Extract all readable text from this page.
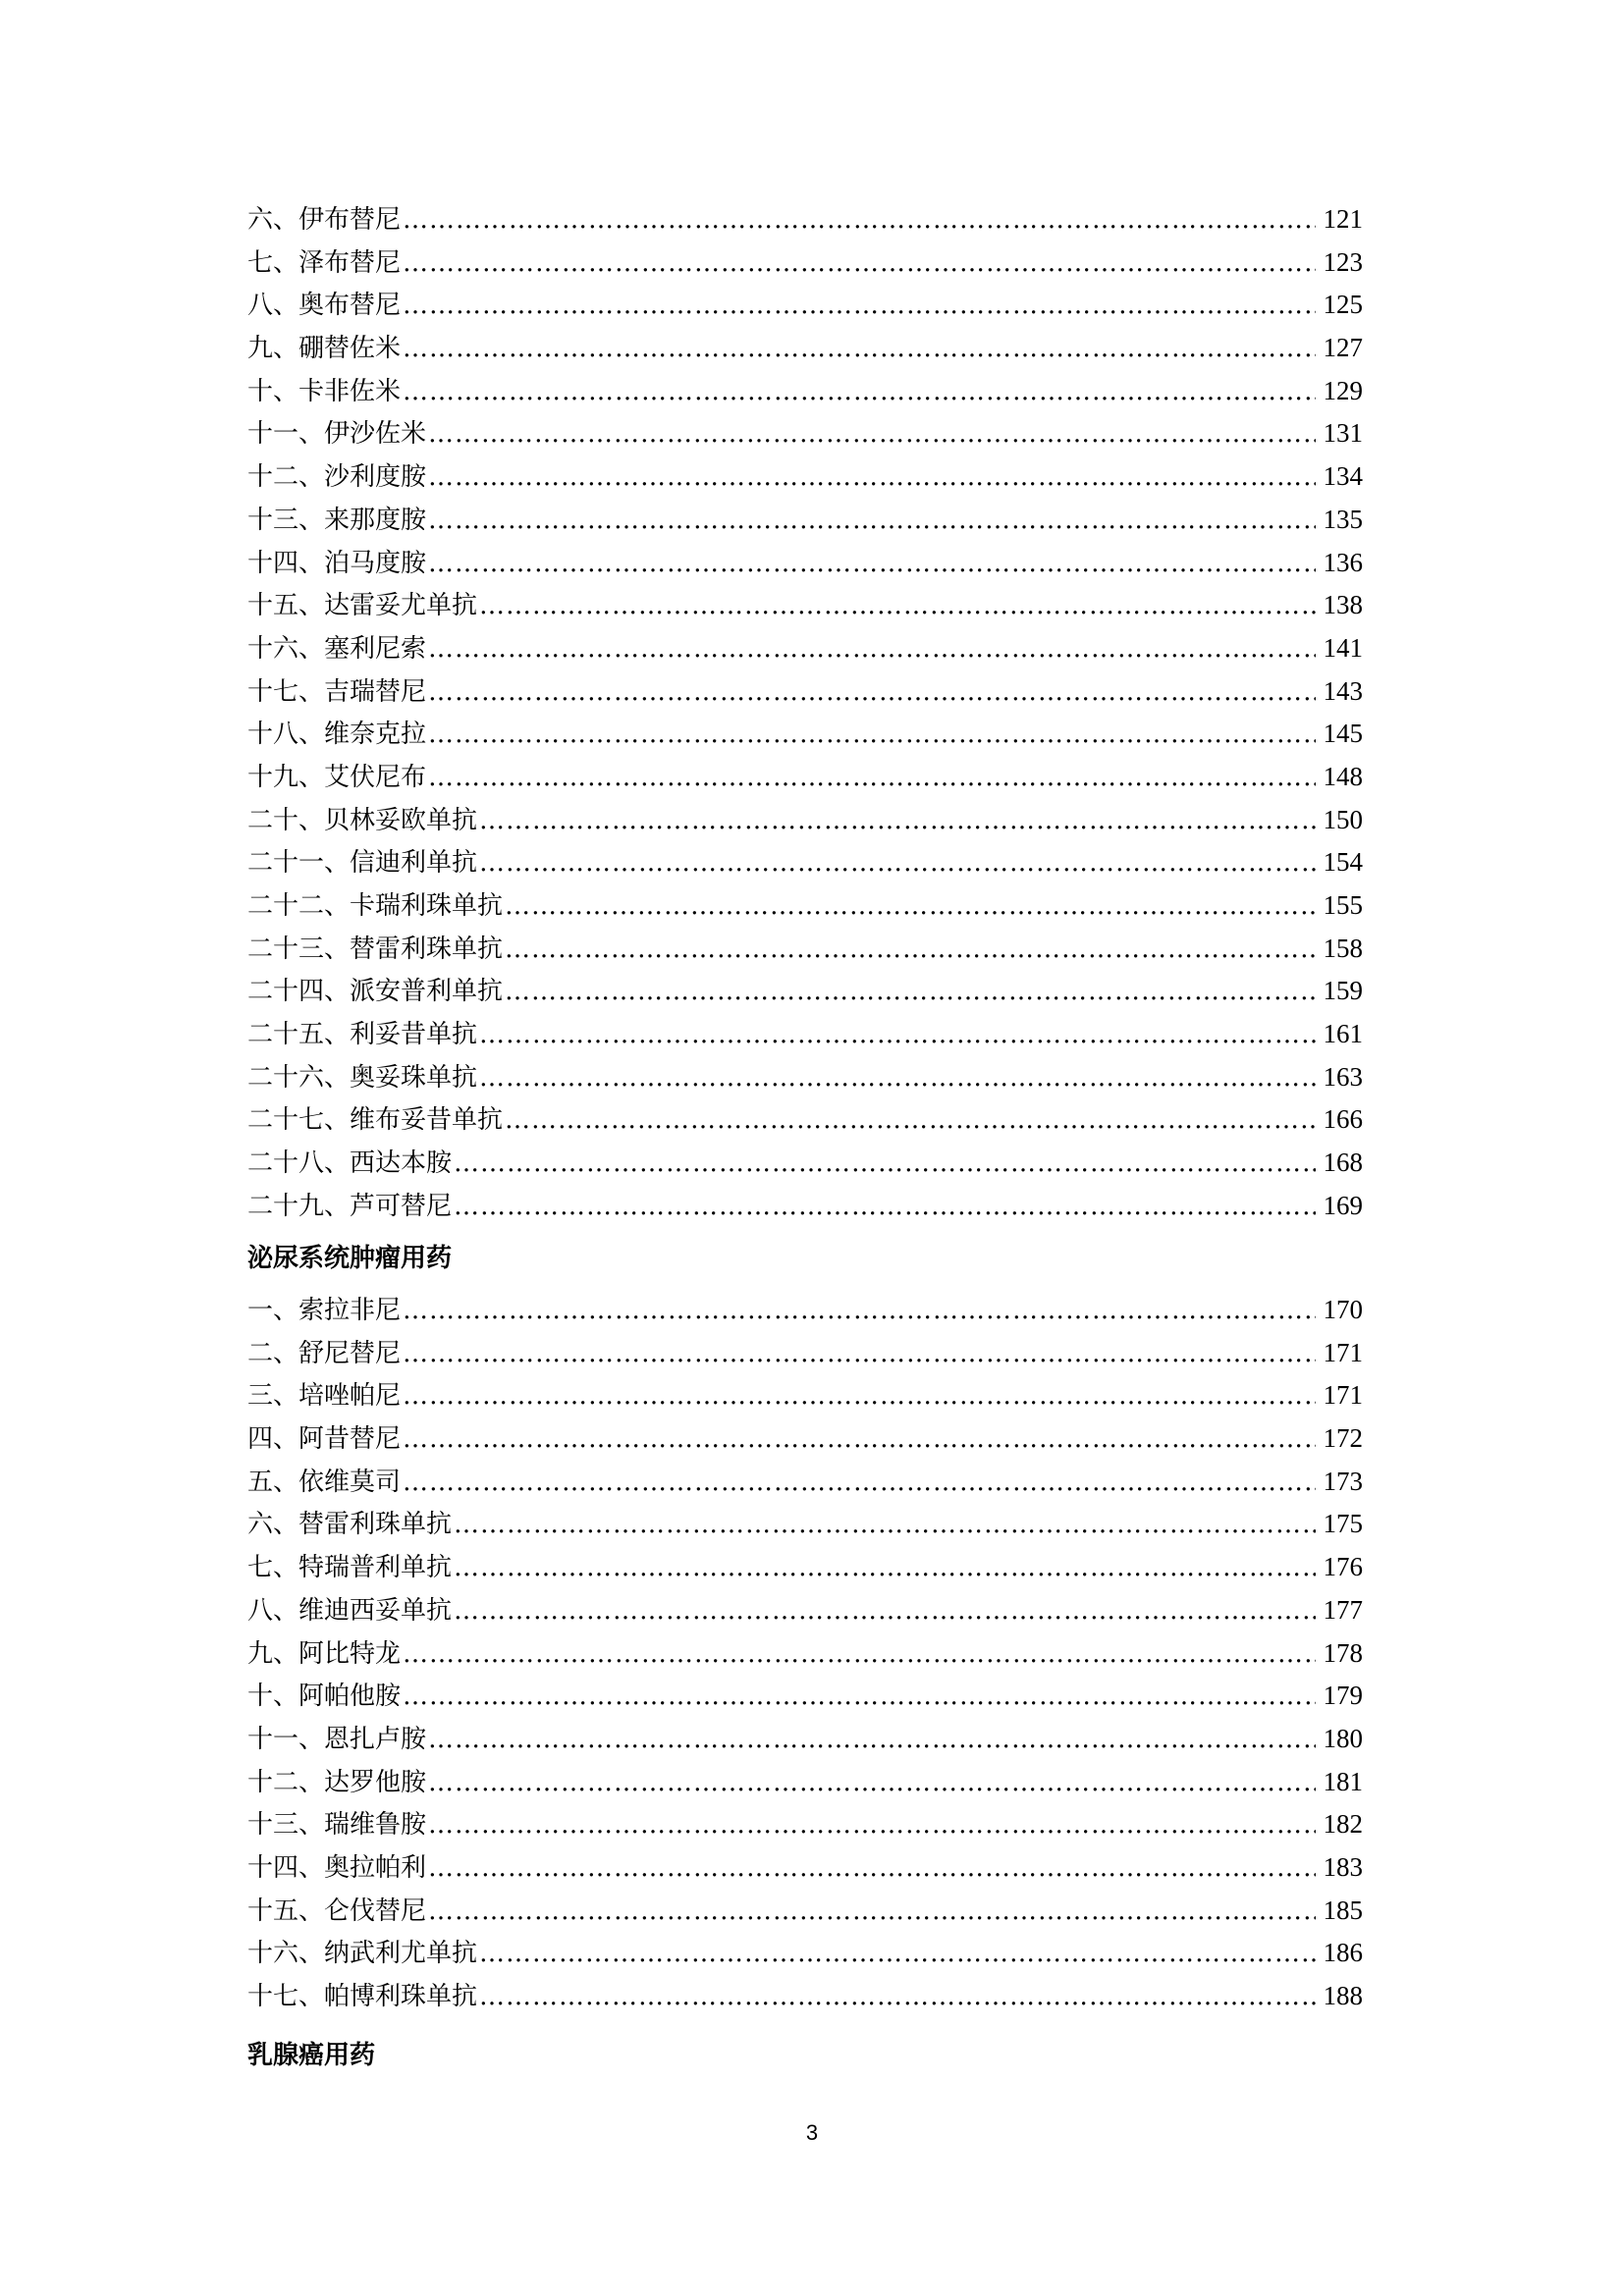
六、伊布替尼 ……………………………………………………………………………………………………………………………………………………………………………………………………………………………………	121
七、泽布替尼 ……………………………………………………………………………………………………………………………………………………………………………………………………………………………………	123
八、奥布替尼 ……………………………………………………………………………………………………………………………………………………………………………………………………………………………………	125
九、硼替佐米 ……………………………………………………………………………………………………………………………………………………………………………………………………………………………………	127
十、卡非佐米 ……………………………………………………………………………………………………………………………………………………………………………………………………………………………………	129
十一、伊沙佐米 ……………………………………………………………………………………………………………………………………………………………………………………………………………………………………	131
十二、沙利度胺 ……………………………………………………………………………………………………………………………………………………………………………………………………………………………………	134
十三、来那度胺 ……………………………………………………………………………………………………………………………………………………………………………………………………………………………………	135
十四、泊马度胺 ……………………………………………………………………………………………………………………………………………………………………………………………………………………………………	136
十五、达雷妥尤单抗 ……………………………………………………………………………………………………………………………………………………………………………………………………………………………………	138
十六、塞利尼索 ……………………………………………………………………………………………………………………………………………………………………………………………………………………………………	141
十七、吉瑞替尼 ……………………………………………………………………………………………………………………………………………………………………………………………………………………………………	143
十八、维奈克拉 ……………………………………………………………………………………………………………………………………………………………………………………………………………………………………	145
十九、艾伏尼布 ……………………………………………………………………………………………………………………………………………………………………………………………………………………………………	148
二十、贝林妥欧单抗 ……………………………………………………………………………………………………………………………………………………………………………………………………………………………………	150
二十一、信迪利单抗 ……………………………………………………………………………………………………………………………………………………………………………………………………………………………………	154
二十二、卡瑞利珠单抗 ……………………………………………………………………………………………………………………………………………………………………………………………………………………………………	155
二十三、替雷利珠单抗 ……………………………………………………………………………………………………………………………………………………………………………………………………………………………………	158
二十四、派安普利单抗 ……………………………………………………………………………………………………………………………………………………………………………………………………………………………………	159
二十五、利妥昔单抗 ……………………………………………………………………………………………………………………………………………………………………………………………………………………………………	161
二十六、奥妥珠单抗 ……………………………………………………………………………………………………………………………………………………………………………………………………………………………………	163
二十七、维布妥昔单抗 ……………………………………………………………………………………………………………………………………………………………………………………………………………………………………	166
二十八、西达本胺 ……………………………………………………………………………………………………………………………………………………………………………………………………………………………………	168
二十九、芦可替尼 ……………………………………………………………………………………………………………………………………………………………………………………………………………………………………	169
泌尿系统肿瘤用药
一、索拉非尼 ……………………………………………………………………………………………………………………………………………………………………………………………………………………………………	170
二、舒尼替尼 ……………………………………………………………………………………………………………………………………………………………………………………………………………………………………	171
三、培唑帕尼 ……………………………………………………………………………………………………………………………………………………………………………………………………………………………………	171
四、阿昔替尼 ……………………………………………………………………………………………………………………………………………………………………………………………………………………………………	172
五、依维莫司 ……………………………………………………………………………………………………………………………………………………………………………………………………………………………………	173
六、替雷利珠单抗 ……………………………………………………………………………………………………………………………………………………………………………………………………………………………………	175
七、特瑞普利单抗 ……………………………………………………………………………………………………………………………………………………………………………………………………………………………………	176
八、维迪西妥单抗 ……………………………………………………………………………………………………………………………………………………………………………………………………………………………………	177
九、阿比特龙 ……………………………………………………………………………………………………………………………………………………………………………………………………………………………………	178
十、阿帕他胺 ……………………………………………………………………………………………………………………………………………………………………………………………………………………………………	179
十一、恩扎卢胺 ……………………………………………………………………………………………………………………………………………………………………………………………………………………………………	180
十二、达罗他胺 ……………………………………………………………………………………………………………………………………………………………………………………………………………………………………	181
十三、瑞维鲁胺 ……………………………………………………………………………………………………………………………………………………………………………………………………………………………………	182
十四、奥拉帕利 ……………………………………………………………………………………………………………………………………………………………………………………………………………………………………	183
十五、仑伐替尼 ……………………………………………………………………………………………………………………………………………………………………………………………………………………………………	185
十六、纳武利尤单抗 ……………………………………………………………………………………………………………………………………………………………………………………………………………………………………	186
十七、帕博利珠单抗 ……………………………………………………………………………………………………………………………………………………………………………………………………………………………………	188
乳腺癌用药
3
